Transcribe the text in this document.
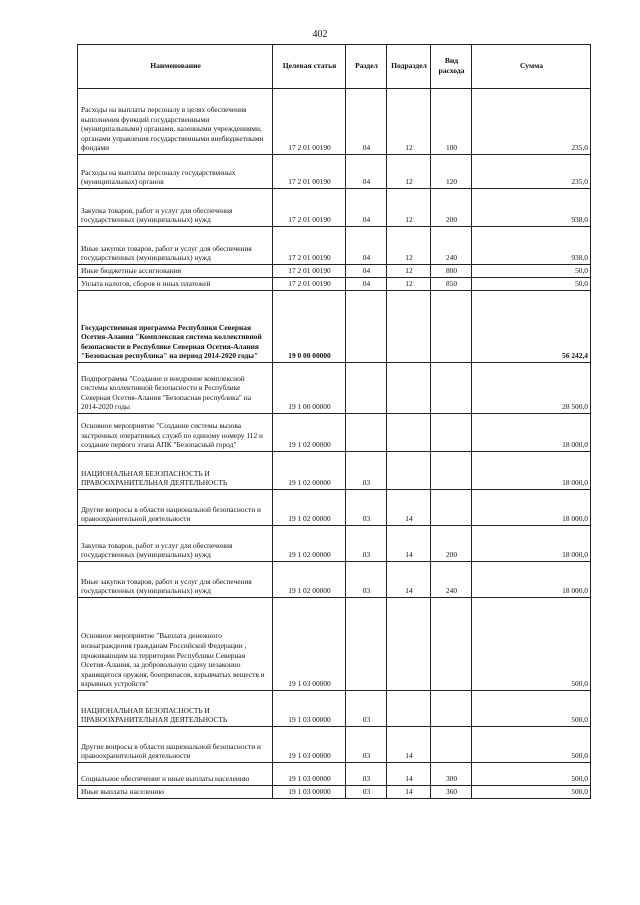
402
Наименование	Целевая статья	Раздел	Подраздел	Вид расхода	Сумма
Расходы на выплаты персоналу в целях обеспечения выполнения функций государственными (муниципальными) органами, казенными учреждениями, органами управления государственными внебюджетными фондами	17 2 01 00190	04	12	100	235,0
Расходы на выплаты персоналу государственных (муниципальных) органов	17 2 01 00190	04	12	120	235,0
Закупка товаров, работ и услуг для обеспечения государственных (муниципальных) нужд	17 2 01 00190	04	12	200	938,0
Иные закупки товаров, работ и услуг для обеспечения государственных (муниципальных) нужд	17 2 01 00190	04	12	240	938,0
Иные бюджетные ассигнования	17 2 01 00190	04	12	800	50,0
Уплата налогов, сборов и иных платежей	17 2 01 00190	04	12	850	50,0
Государственная программа Республики Северная Осетия-Алания "Комплексная система коллективной безопасности в Республике Северная Осетия-Алания "Безопасная республика" на период 2014-2020 годы"	19 0 00 00000				56 242,4
Подпрограмма "Создание и внедрение комплексной системы коллективной безопасности в Республике Северная Осетия-Алания "Безопасная республика" на 2014-2020 годы	19 1 00 00000				28 500,0
Основное мероприятие "Создание системы вызова экстренных оперативных служб по единому номеру 112 и создание первого этапа АПК "Безопасный город"	19 1 02 00000				18 000,0
НАЦИОНАЛЬНАЯ БЕЗОПАСНОСТЬ И ПРАВООХРАНИТЕЛЬНАЯ ДЕЯТЕЛЬНОСТЬ	19 1 02 00000	03			18 000,0
Другие вопросы в области национальной безопасности и правоохранительной деятельности	19 1 02 00000	03	14		18 000,0
Закупка товаров, работ и услуг для обеспечения государственных (муниципальных) нужд	19 1 02 00000	03	14	200	18 000,0
Иные закупки товаров, работ и услуг для обеспечения государственных (муниципальных) нужд	19 1 02 00000	03	14	240	18 000,0
Основное мероприятие "Выплата денежного вознаграждения гражданам Российской Федерации , проживающим на территории Республики Северная Осетия-Алания, за добровольную сдачу незаконно хранящегося оружия, боеприпасов, взрывчатых веществ и взрывных устройств"	19 1 03 00000				500,0
НАЦИОНАЛЬНАЯ БЕЗОПАСНОСТЬ И ПРАВООХРАНИТЕЛЬНАЯ ДЕЯТЕЛЬНОСТЬ	19 1 03 00000	03			500,0
Другие вопросы в области национальной безопасности и правоохранительной деятельности	19 1 03 00000	03	14		500,0
Социальное обеспечение и иные выплаты населению	19 1 03 00000	03	14	300	500,0
Иные выплаты населению	19 1 03 00000	03	14	360	500,0
